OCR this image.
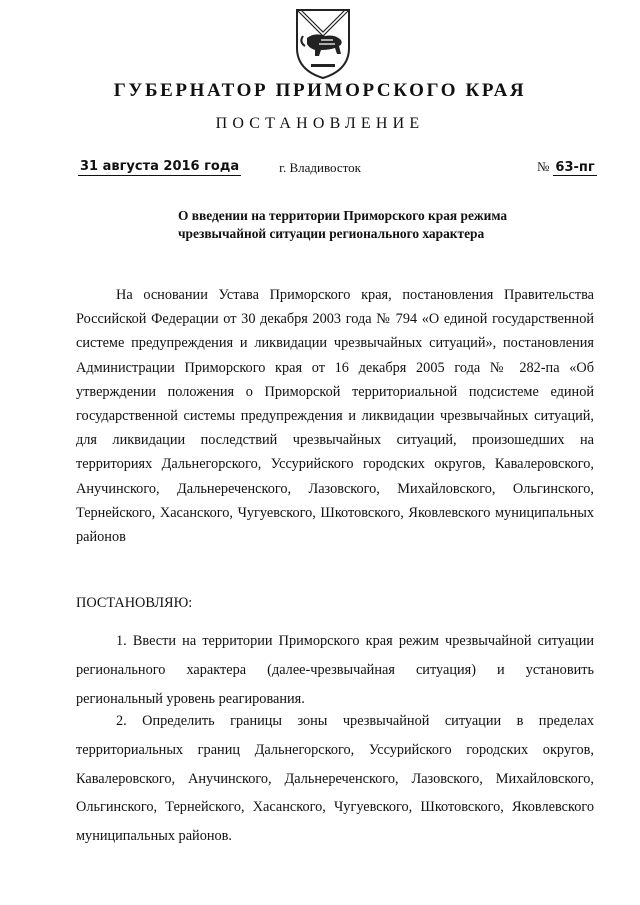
ГУБЕРНАТОР ПРИМОРСКОГО КРАЯ
ПОСТАНОВЛЕНИЕ
31 августа 2016 года	г. Владивосток	№ 63-пг
О введении на территории Приморского края режима чрезвычайной ситуации регионального характера

На основании Устава Приморского края, постановления Правительства Российской Федерации от 30 декабря 2003 года № 794 «О единой государственной системе предупреждения и ликвидации чрезвычайных ситуаций», постановления Администрации Приморского края от 16 декабря 2005 года № 282-па «Об утверждении положения о Приморской территориальной подсистеме единой государственной системы предупреждения и ликвидации чрезвычайных ситуаций, для ликвидации последствий чрезвычайных ситуаций, произошедших на территориях Дальнегорского, Уссурийского городских округов, Кавалеровского, Анучинского, Дальнереченского, Лазовского, Михайловского, Ольгинского, Тернейского, Хасанского, Чугуевского, Шкотовского, Яковлевского муниципальных районов

ПОСТАНОВЛЯЮ:

1. Ввести на территории Приморского края режим чрезвычайной ситуации регионального характера (далее-чрезвычайная ситуация) и установить региональный уровень реагирования.

2. Определить границы зоны чрезвычайной ситуации в пределах территориальных границ Дальнегорского, Уссурийского городских округов, Кавалеровского, Анучинского, Дальнереченского, Лазовского, Михайловского, Ольгинского, Тернейского, Хасанского, Чугуевского, Шкотовского, Яковлевского муниципальных районов.
